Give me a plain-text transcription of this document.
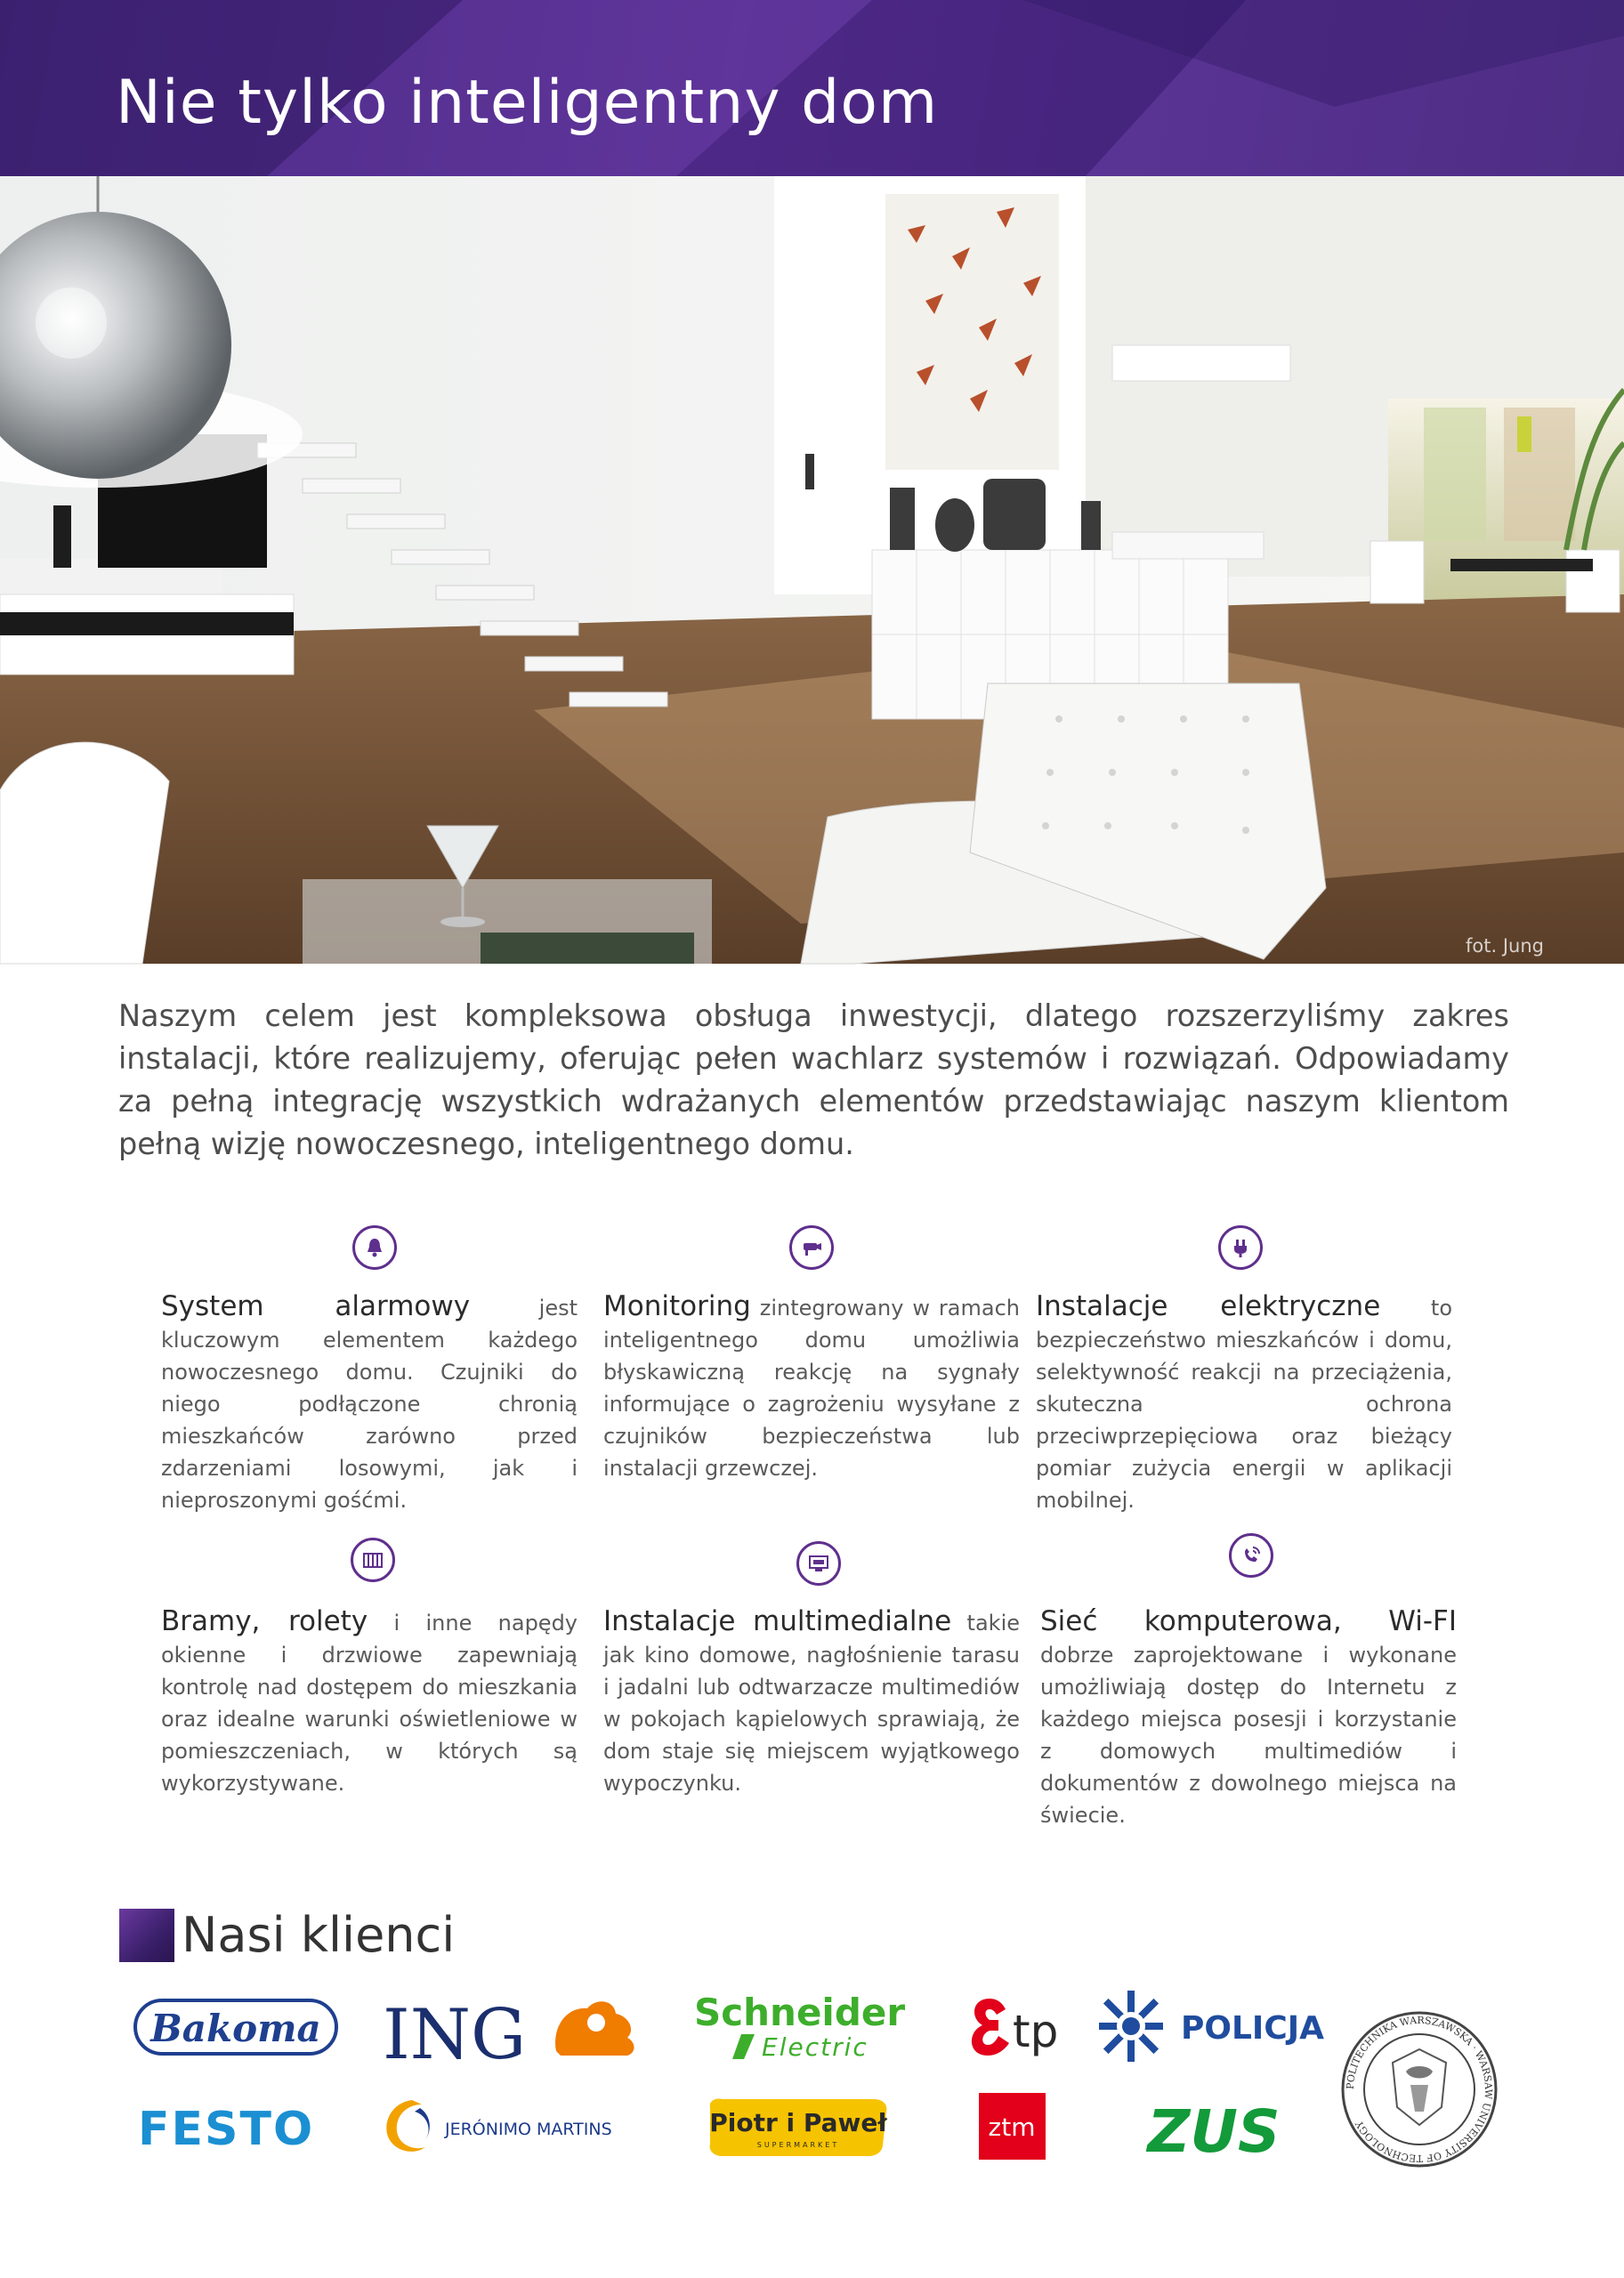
Nie tylko inteligentny dom
IG	fot. Jung

Naszym celem jest kompleksowa obsługa inwestycji, dlatego rozszerzyliśmy zakres instalacji, które realizujemy, oferując pełen wachlarz systemów i rozwiązań. Odpowiadamy za pełną integrację wszystkich wdrażanych elementów przedstawiając naszym klientom pełną wizję nowoczesnego, inteligentnego domu.

System alarmowy jest kluczowym elementem każdego nowoczesnego domu. Czujniki do niego podłączone chronią mieszkańców zarówno przed zdarzeniami losowymi, jak i nieproszonymi gośćmi.

Monitoring zintegrowany w ramach inteligentnego domu umożliwia błyskawiczną reakcję na sygnały informujące o zagrożeniu wysyłane z czujników bezpieczeństwa lub instalacji grzewczej.

Instalacje elektryczne to bezpieczeństwo mieszkańców i domu, selektywność reakcji na przeciążenia, skuteczna ochrona przeciwprzepięciowa oraz bieżący pomiar zużycia energii w aplikacji mobilnej.

Bramy, rolety i inne napędy okienne i drzwiowe zapewniają kontrolę nad dostępem do mieszkania oraz idealne warunki oświetleniowe w pomieszczeniach, w których są wykorzystywane.

Instalacje multimedialne takie jak kino domowe, nagłośnienie tarasu i jadalni lub odtwarzacze multimediów w pokojach kąpielowych sprawiają, że dom staje się miejscem wyjątkowego wypoczynku.

Sieć komputerowa, Wi-FI dobrze zaprojektowane i wykonane umożliwiają dostęp do Internetu z każdego miejsca posesji i korzystanie z domowych multimediów i dokumentów z dowolnego miejsca na świecie.

Nasi klienci
Bakoma ING	Schneider
Electric	tp	POLICJA
POLITECHNIKA WARSZAWSKA · WARSAW UNIVERSITY OF TECHNOLOGY
FESTO	JERÓNIMO MARTINS	Piotr i Paweł
SUPERMARKET
ztm ZUS
